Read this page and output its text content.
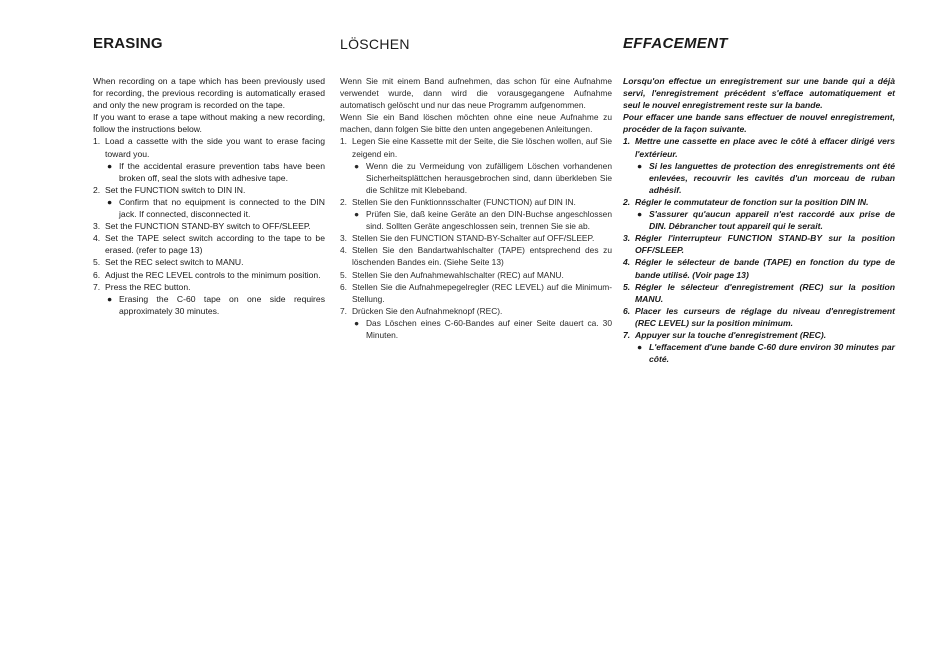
ERASING

When recording on a tape which has been previously used for recording, the previous recording is automatically erased and only the new program is recorded on the tape.

If you want to erase a tape without making a new recording, follow the instructions below.

1. Load a cassette with the side you want to erase facing toward you.
● If the accidental erasure prevention tabs have been broken off, seal the slots with adhesive tape.
2. Set the FUNCTION switch to DIN IN.
● Confirm that no equipment is connected to the DIN jack. If connected, disconnected it.
3. Set the FUNCTION STAND-BY switch to OFF/SLEEP.
4. Set the TAPE select switch according to the tape to be erased. (refer to page 13)
5. Set the REC select switch to MANU.
6. Adjust the REC LEVEL controls to the minimum position.
7. Press the REC button.
● Erasing the C-60 tape on one side requires approximately 30 minutes.
LÖSCHEN

Wenn Sie mit einem Band aufnehmen, das schon für eine Aufnahme verwendet wurde, dann wird die vorausgegangene Aufnahme automatisch gelöscht und nur das neue Programm aufgenommen.

Wenn Sie ein Band löschen möchten ohne eine neue Aufnahme zu machen, dann folgen Sie bitte den unten angegebenen Anleitungen.

1. Legen Sie eine Kassette mit der Seite, die Sie löschen wollen, auf Sie zeigend ein.
● Wenn die zu Vermeidung von zufälligem Löschen vorhandenen Sicherheitsplättchen herausgebrochen sind, dann überkleben Sie die Schlitze mit Klebeband.
2. Stellen Sie den Funktionnsschalter (FUNCTION) auf DIN IN.
● Prüfen Sie, daß keine Geräte an den DIN-Buchse angeschlossen sind. Sollten Geräte angeschlossen sein, trennen Sie sie ab.
3. Stellen Sie den FUNCTION STAND-BY-Schalter auf OFF/SLEEP.
4. Stellen Sie den Bandartwahlschalter (TAPE) entsprechend des zu löschenden Bandes ein. (Siehe Seite 13)
5. Stellen Sie den Aufnahmewahlschalter (REC) auf MANU.
6. Stellen Sie die Aufnahmepegelregler (REC LEVEL) auf die Minimum-Stellung.
7. Drücken Sie den Aufnahmeknopf (REC).
● Das Löschen eines C-60-Bandes auf einer Seite dauert ca. 30 Minuten.
EFFACEMENT

Lorsqu'on effectue un enregistrement sur une bande qui a déjà servi, l'enregistrement précédent s'efface automatiquement et seul le nouvel enregistrement reste sur la bande.

Pour effacer une bande sans effectuer de nouvel enregistrement, procéder de la façon suivante.

1. Mettre une cassette en place avec le côté à effacer dirigé vers l'extérieur.
● Si les languettes de protection des enregistrements ont été enlevées, recouvrir les cavités d'un morceau de ruban adhésif.
2. Régler le commutateur de fonction sur la position DIN IN.
● S'assurer qu'aucun appareil n'est raccordé aux prise de DIN. Débrancher tout appareil qui le serait.
3. Régler l'interrupteur FUNCTION STAND-BY sur la position OFF/SLEEP.
4. Régler le sélecteur de bande (TAPE) en fonction du type de bande utilisé. (Voir page 13)
5. Régler le sélecteur d'enregistrement (REC) sur la position MANU.
6. Placer les curseurs de réglage du niveau d'enregistrement (REC LEVEL) sur la position minimum.
7. Appuyer sur la touche d'enregistrement (REC).
● L'effacement d'une bande C-60 dure environ 30 minutes par côté.
